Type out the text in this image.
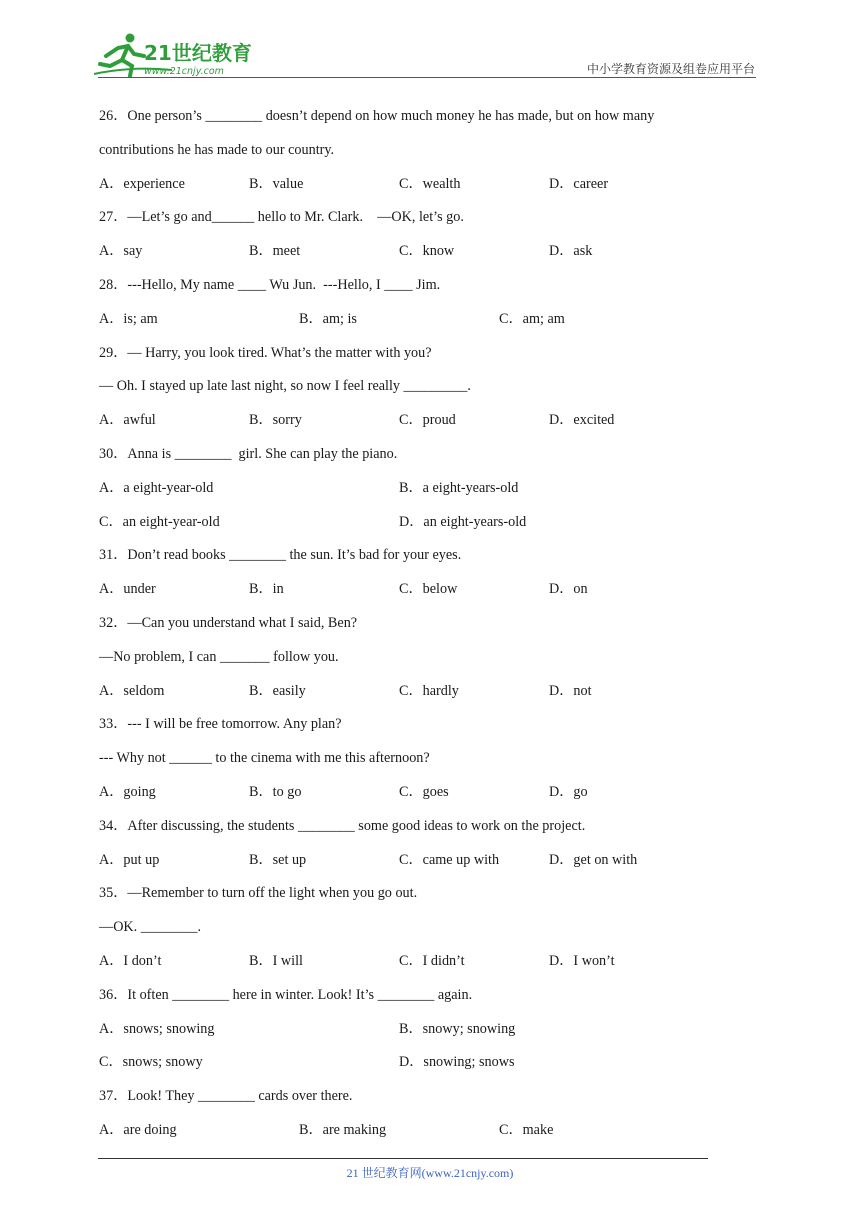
21世纪教育
www.21cnjy.com	中小学教育资源及组卷应用平台
26．One person’s ________ doesn’t depend on how much money he has made, but on how many
contributions he has made to our country.
A．experience	B．value	C．wealth	D．career
27．—Let’s go and______ hello to Mr. Clark.    —OK, let’s go.
A．say	B．meet	C．know	D．ask
28．---Hello, My name ____ Wu Jun.  ---Hello, I ____ Jim.
A．is; am	B．am; is	C．am; am
29．— Harry, you look tired. What’s the matter with you?
— Oh. I stayed up late last night, so now I feel really _________.
A．awful	B．sorry	C．proud	D．excited
30．Anna is ________  girl. She can play the piano.
A．a eight-year-old	B．a eight-years-old
C．an eight-year-old	D．an eight-years-old
31．Don’t read books ________ the sun. It’s bad for your eyes.
A．under	B．in	C．below	D．on
32．—Can you understand what I said, Ben?
—No problem, I can _______ follow you.
A．seldom	B．easily	C．hardly	D．not
33．--- I will be free tomorrow. Any plan?
--- Why not ______ to the cinema with me this afternoon?
A．going	B．to go	C．goes	D．go
34．After discussing, the students ________ some good ideas to work on the project.
A．put up	B．set up	C．came up with	D．get on with
35．—Remember to turn off the light when you go out.
—OK. ________.
A．I don’t	B．I will	C．I didn’t	D．I won’t
36．It often ________ here in winter. Look! It’s ________ again.
A．snows; snowing	B．snowy; snowing
C．snows; snowy	D．snowing; snows
37．Look! They ________ cards over there.
A．are doing	B．are making	C．make
21 世纪教育网(www.21cnjy.com)
